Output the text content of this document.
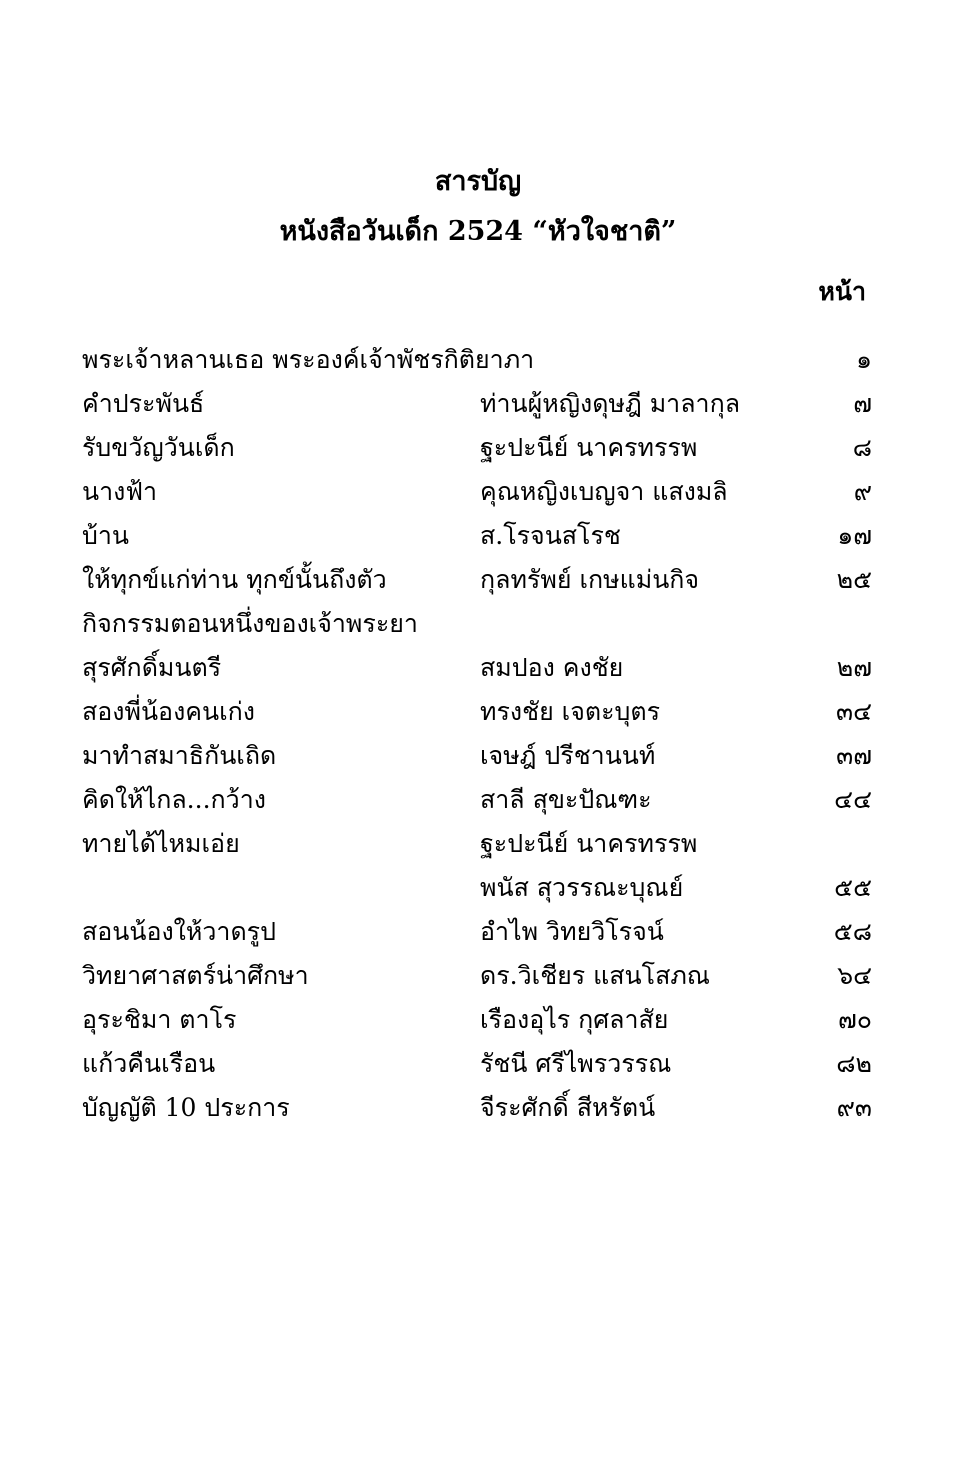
สารบัญ
หนังสือวันเด็ก 2524 “หัวใจชาติ”
หน้า
พระเจ้าหลานเธอ พระองค์เจ้าพัชรกิติยาภา	๑
คำประพันธ์	ท่านผู้หญิงดุษฎี มาลากุล	๗
รับขวัญวันเด็ก	ฐะปะนีย์ นาครทรรพ	๘
นางฟ้า	คุณหญิงเบญจา แสงมลิ	๙
บ้าน	ส.โรจนสโรช	๑๗
ให้ทุกข์แก่ท่าน ทุกข์นั้นถึงตัว	กุลทรัพย์ เกษแม่นกิจ	๒๕
กิจกรรมตอนหนึ่งของเจ้าพระยา
สุรศักดิ์มนตรี	สมปอง คงชัย	๒๗
สองพี่น้องคนเก่ง	ทรงชัย เจตะบุตร	๓๔
มาทำสมาธิกันเถิด	เจษฎ์ ปรีชานนท์	๓๗
คิดให้ไกล...กว้าง	สาลี สุขะปัณฑะ	๔๔
ทายได้ไหมเอ่ย	ฐะปะนีย์ นาครทรรพ
พนัส สุวรรณะบุณย์	๕๕
สอนน้องให้วาดรูป	อำไพ วิทยวิโรจน์	๕๘
วิทยาศาสตร์น่าศึกษา	ดร.วิเชียร แสนโสภณ	๖๔
อุระชิมา ตาโร	เรืองอุไร กุศลาสัย	๗๐
แก้วคืนเรือน	รัชนี ศรีไพรวรรณ	๘๒
บัญญัติ 10 ประการ	จีระศักดิ์ สีหรัตน์	๙๓
